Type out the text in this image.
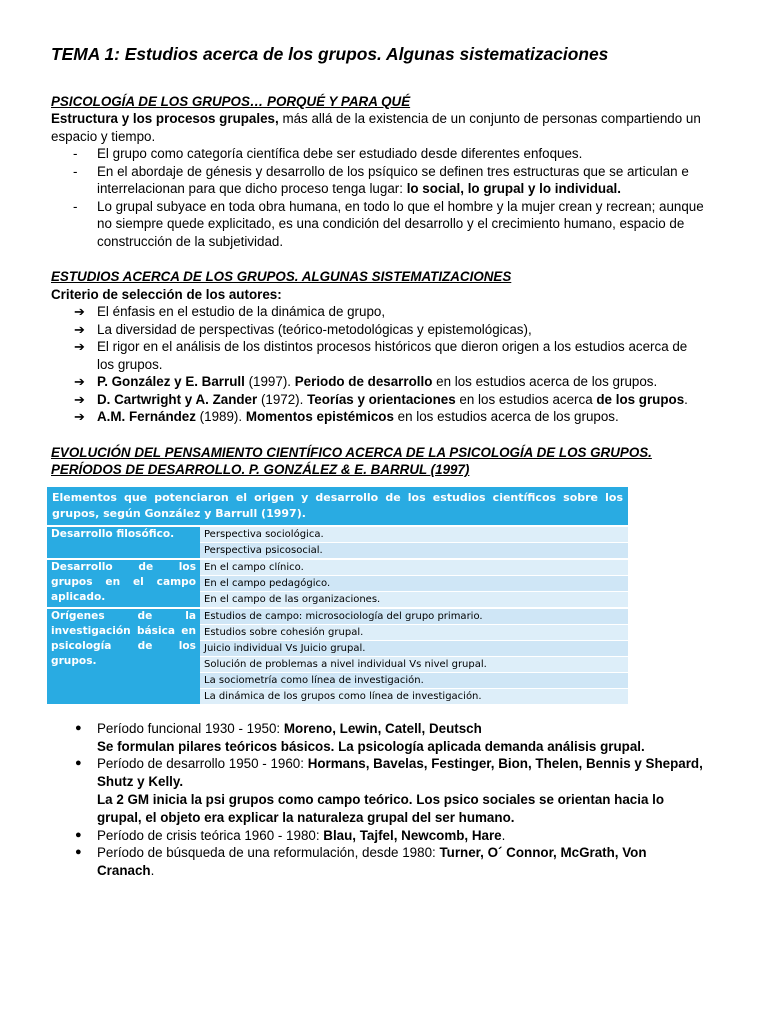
TEMA 1: Estudios acerca de los grupos. Algunas sistematizaciones
PSICOLOGÍA DE LOS GRUPOS… PORQUÉ Y PARA QUÉ

Estructura y los procesos grupales, más allá de la existencia de un conjunto de personas compartiendo un espacio y tiempo.

- El grupo como categoría científica debe ser estudiado desde diferentes enfoques.
- En el abordaje de génesis y desarrollo de los psíquico se definen tres estructuras que se articulan e interrelacionan para que dicho proceso tenga lugar: lo social, lo grupal y lo individual.
- Lo grupal subyace en toda obra humana, en todo lo que el hombre y la mujer crean y recrean; aunque no siempre quede explicitado, es una condición del desarrollo y el crecimiento humano, espacio de construcción de la subjetividad.
ESTUDIOS ACERCA DE LOS GRUPOS. ALGUNAS SISTEMATIZACIONES

Criterio de selección de los autores:

➔ El énfasis en el estudio de la dinámica de grupo,
➔ La diversidad de perspectivas (teórico-metodológicas y epistemológicas),
➔ El rigor en el análisis de los distintos procesos históricos que dieron origen a los estudios acerca de los grupos.
➔ P. González y E. Barrull (1997). Periodo de desarrollo en los estudios acerca de los grupos.
➔ D. Cartwright y A. Zander (1972). Teorías y orientaciones en los estudios acerca de los grupos.
➔ A.M. Fernández (1989). Momentos epistémicos en los estudios acerca de los grupos.
EVOLUCIÓN DEL PENSAMIENTO CIENTÍFICO ACERCA DE LA PSICOLOGÍA DE LOS GRUPOS.
PERÍODOS DE DESARROLLO. P. GONZÁLEZ & E. BARRUL (1997)
Elementos que potenciaron el origen y desarrollo de los estudios científicos sobre los grupos, según González y Barrull (1997).	
Desarrollo filosófico.	Perspectiva sociológica.
	Perspectiva psicosocial.
Desarrollo de los grupos en el campo aplicado.	En el campo clínico.
	En el campo pedagógico.
	En el campo de las organizaciones.
Orígenes de la investigación básica en psicología de los grupos.	Estudios de campo: microsociología del grupo primario.
	Estudios sobre cohesión grupal.
	Juicio individual Vs Juicio grupal.
	Solución de problemas a nivel individual Vs nivel grupal.
	La sociometría como línea de investigación.
	La dinámica de los grupos como línea de investigación.
● Período funcional 1930 - 1950: Moreno, Lewin, Catell, Deutsch
Se formulan pilares teóricos básicos. La psicología aplicada demanda análisis grupal.
● Período de desarrollo 1950 - 1960: Hormans, Bavelas, Festinger, Bion, Thelen, Bennis y Shepard, Shutz y Kelly.
La 2 GM inicia la psi grupos como campo teórico. Los psico sociales se orientan hacia lo grupal, el objeto era explicar la naturaleza grupal del ser humano.
● Período de crisis teórica 1960 - 1980: Blau, Tajfel, Newcomb, Hare.
● Período de búsqueda de una reformulación, desde 1980: Turner, O´ Connor, McGrath, Von Cranach.
